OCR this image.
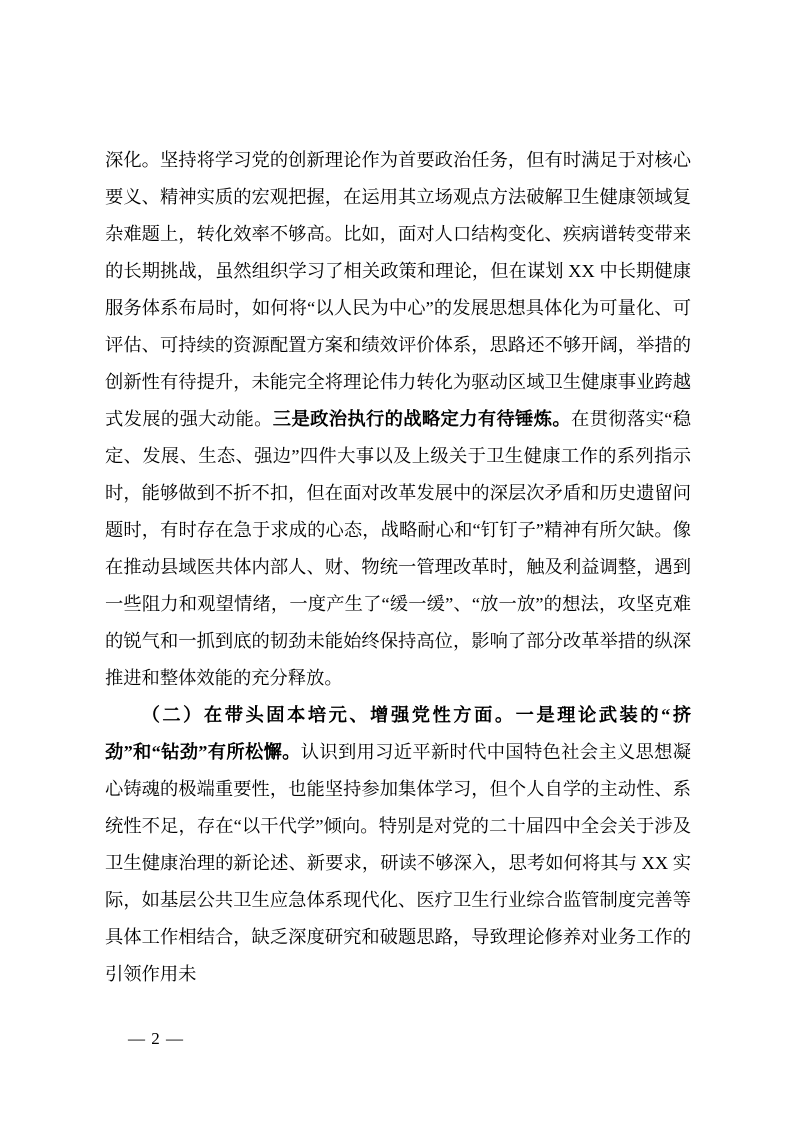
深化。坚持将学习党的创新理论作为首要政治任务，但有时满足于对核心要义、精神实质的宏观把握，在运用其立场观点方法破解卫生健康领域复杂难题上，转化效率不够高。比如，面对人口结构变化、疾病谱转变带来的长期挑战，虽然组织学习了相关政策和理论，但在谋划 XX 中长期健康服务体系布局时，如何将“以人民为中心”的发展思想具体化为可量化、可评估、可持续的资源配置方案和绩效评价体系，思路还不够开阔，举措的创新性有待提升，未能完全将理论伟力转化为驱动区域卫生健康事业跨越式发展的强大动能。三是政治执行的战略定力有待锤炼。在贯彻落实“稳定、发展、生态、强边”四件大事以及上级关于卫生健康工作的系列指示时，能够做到不折不扣，但在面对改革发展中的深层次矛盾和历史遗留问题时，有时存在急于求成的心态，战略耐心和“钉钉子”精神有所欠缺。像在推动县域医共体内部人、财、物统一管理改革时，触及利益调整，遇到一些阻力和观望情绪，一度产生了“缓一缓”、“放一放”的想法，攻坚克难的锐气和一抓到底的韧劲未能始终保持高位，影响了部分改革举措的纵深推进和整体效能的充分释放。

（二）在带头固本培元、增强党性方面。一是理论武装的“挤劲”和“钻劲”有所松懈。认识到用习近平新时代中国特色社会主义思想凝心铸魂的极端重要性，也能坚持参加集体学习，但个人自学的主动性、系统性不足，存在“以干代学”倾向。特别是对党的二十届四中全会关于涉及卫生健康治理的新论述、新要求，研读不够深入，思考如何将其与 XX 实际，如基层公共卫生应急体系现代化、医疗卫生行业综合监管制度完善等具体工作相结合，缺乏深度研究和破题思路，导致理论修养对业务工作的引领作用未

— 2 —
